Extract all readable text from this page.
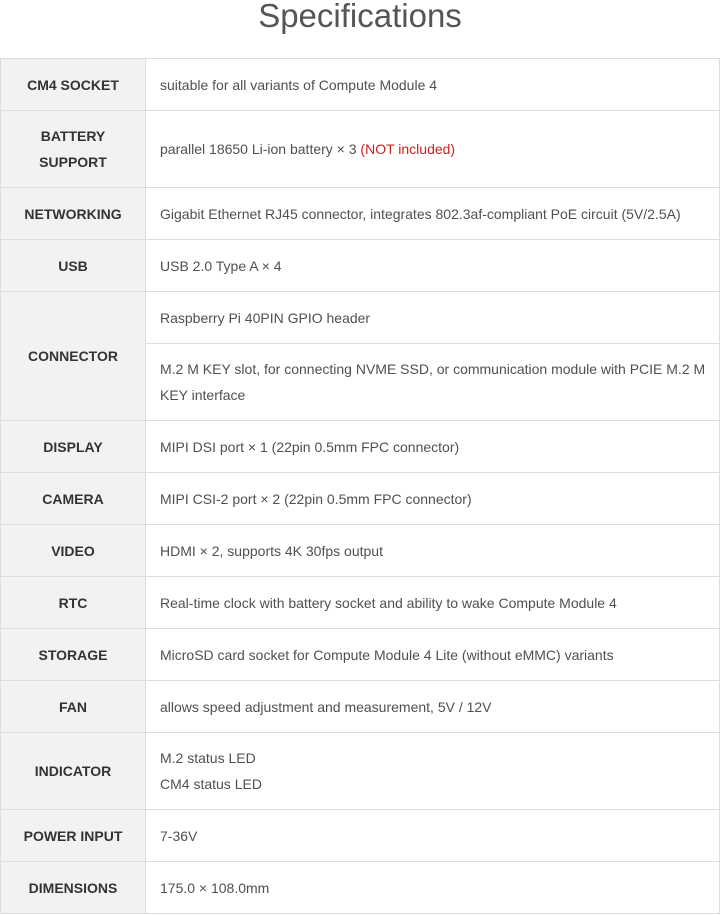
Specifications
CM4 SOCKET	suitable for all variants of Compute Module 4
BATTERY SUPPORT	parallel 18650 Li-ion battery × 3 (NOT included)
NETWORKING	Gigabit Ethernet RJ45 connector, integrates 802.3af-compliant PoE circuit (5V/2.5A)
USB	USB 2.0 Type A × 4
CONNECTOR	Raspberry Pi 40PIN GPIO header
	M.2 M KEY slot, for connecting NVME SSD, or communication module with PCIE M.2 M KEY interface
DISPLAY	MIPI DSI port × 1 (22pin 0.5mm FPC connector)
CAMERA	MIPI CSI-2 port × 2 (22pin 0.5mm FPC connector)
VIDEO	HDMI × 2, supports 4K 30fps output
RTC	Real-time clock with battery socket and ability to wake Compute Module 4
STORAGE	MicroSD card socket for Compute Module 4 Lite (without eMMC) variants
FAN	allows speed adjustment and measurement, 5V / 12V
INDICATOR	M.2 status LED
CM4 status LED

POWER INPUT	7-36V
DIMENSIONS	175.0 × 108.0mm
